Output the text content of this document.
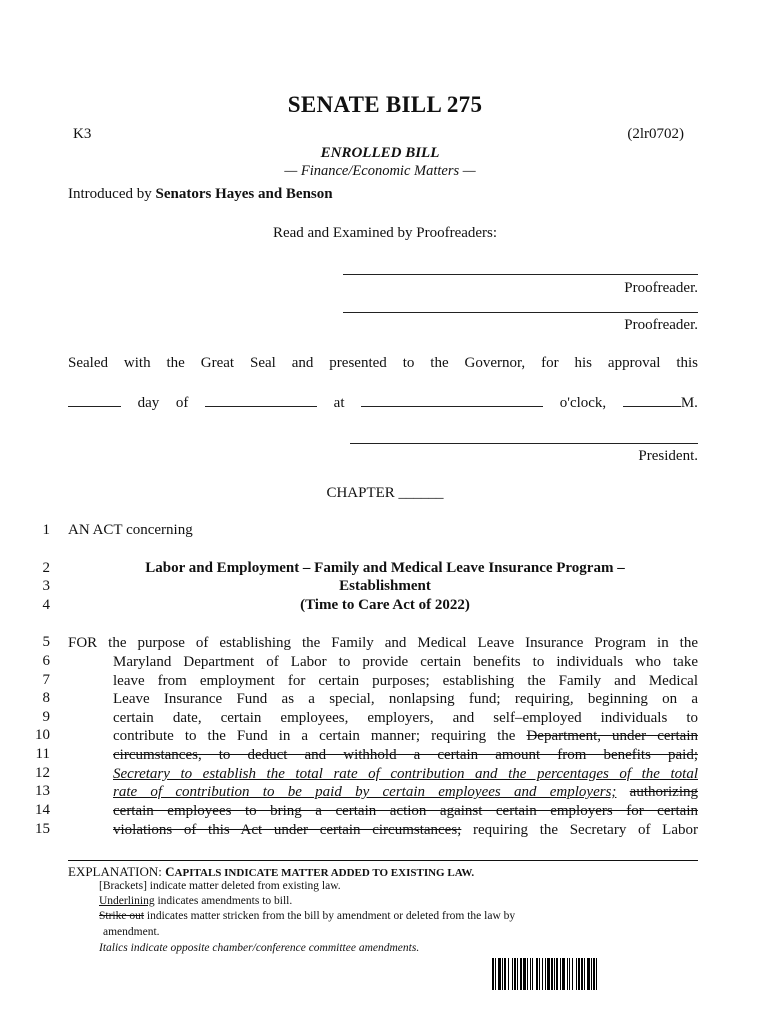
SENATE BILL 275
K3	(2lr0702)
ENROLLED BILL
— Finance/Economic Matters —
Introduced by Senators Hayes and Benson
Read and Examined by Proofreaders:
Proofreader.
Proofreader.
Sealed with the Great Seal and presented to the Governor, for his approval this
day of	at	o'clock,	M.
President.
CHAPTER ______
1
2
3
4
5
6
7
8
9
10
11
12
13
14
15
AN ACT concerning
Labor and Employment – Family and Medical Leave Insurance Program –
Establishment
(Time to Care Act of 2022)
FOR the purpose of establishing the Family and Medical Leave Insurance Program in the
Maryland Department of Labor to provide certain benefits to individuals who take
leave from employment for certain purposes; establishing the Family and Medical
Leave Insurance Fund as a special, nonlapsing fund; requiring, beginning on a
certain date, certain employees, employers, and self–employed individuals to
contribute to the Fund in a certain manner; requiring the Department, under certain
circumstances, to deduct and withhold a certain amount from benefits paid;
Secretary to establish the total rate of contribution and the percentages of the total
rate of contribution to be paid by certain employees and employers; authorizing
certain employees to bring a certain action against certain employers for certain
violations of this Act under certain circumstances; requiring the Secretary of Labor
EXPLANATION: CAPITALS INDICATE MATTER ADDED TO EXISTING LAW.
[Brackets] indicate matter deleted from existing law.
Underlining indicates amendments to bill.
Strike out indicates matter stricken from the bill by amendment or deleted from the law by
amendment.
Italics indicate opposite chamber/conference committee amendments.
